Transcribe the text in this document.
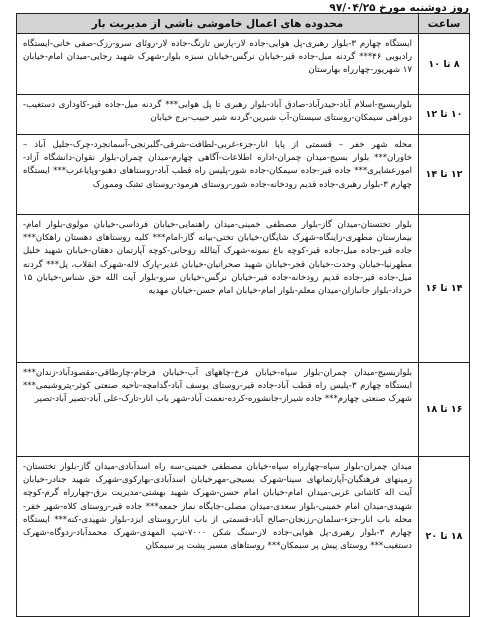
روز دوشنبه مورخ ۹۷/۰۴/۲۵
ساعت	محدوده های اعمال خاموشی ناشی از مدیریت بار
۸ تا ۱۰	ایستگاه چهارم ۳-بلوار رهبری-پل هوایی-جاده لار-پارس تارنگ-جاده لار-روئای سرو-رزک-صفی خانی-ایستگاه رادیویی ۴۶*** گردنه میل-جاده قیر-خیابان نرگس-خیابان سبزه بلوار-شهرک شهید رجایی-میدان امام-خیابان ۱۷ شهریور-چهارراه بهارستان

۱۰ تا ۱۲	بلواربسیج-اسلام آباد-حیدرآباد-صادق آباد-بلوار رهبری تا پل هوایی*** گردنه میل-جاده قیر-کاوداری دستغیب-دوراهی سیمکان-روستای سیستان-آب شیرین-گردنه شیر حبیب-برج خیابان

۱۲ تا ۱۴	محله شهر خفر – قسمتی از پایا انار-جزء-غربی-لطافت-شرقی-گلبرنجی-آسمانجرد-چرک-جلیل آباد – خاوران*** بلوار بسیج-میدان چمران-اداره اطلاعات-آگاهی چهارم-میدان چمران-بلوار نقوان-دانشگاه آزاد-امورعشایری*** جاده قیر-جاده سیمکان-جاده شور-پلیس راه قطب آباد-روستاهای دهنو-وپایاعرب*** ایستگاه چهارم ۳-بلوار رهبری-جاده قدیم رودخانه-جاده شور-روستای هرمود-روستای تشک وممورک

۱۴ تا ۱۶	بلوار تختستان-میدان گاز-بلوار مصطفی خمینی-میدان راهنمایی-خیابان فرداسی-خیابان مولوی-بلوار امام-بیمارستان مطهری-زاینگاه-شهرک شایگان-خیابان تختی-بیانه گاز-امام*** کلیه روستاهای دهستان راهکان*** جاده قیر-جاده میل-جاده قیر-کوچه باغ نمونه-شهرک آیتالله روحانی-کوچه آپارتمان دهقان-خیابان شهید خلیل مطهرنیا-خیابان وحدت-خیابان قجر-خیابان شهید صحرانیان-خیابان غدیر-پارک لاله-شهرک انقلاب، پل*** گردنه میل-جاده قیر-جاده قدیم رودخانه-جاده قیر-خیابان نرگس-خیابان سرو-بلوار آیت الله حق شناس-خیابان ۱۵ خرداد-بلوار جانبازان-میدان معلم-بلوار امام-خیابان امام حسن-خیابان مهدیه

۱۶ تا ۱۸	بلواربسیج-میدان چمران-بلوار سپاه-خیابان فرخ-چاههای آب-خیابان فرجام-چارطاقی-مقصودآباد-زندان*** ایستگاه چهارم ۳-پلیس راه قطب آباد-جاده قیر-روستای یوسف آباد-گدامچه-ناحیه صنعتی کوثر-پتروشیمی*** شهرک صنعتی چهارم*** جاده شیراز-جانشوره-کرده-نعمت آباد-شهر باب انار-تارک-علی آباد-تصیر آباد-تصیر

۱۸ تا ۲۰	میدان چمران-بلوار سپاه-چهارراه سپاه-خیابان مصطفی خمینی-سه راه اسدآبادی-میدان گاز-بلوار تختستان-زمینهای فرهنگیان-آپارتمانهای سینا-شهرک بسیجی-مهرخیابان اسدآبادی-بهارکوی-شهرک شهید جنادر-خیابان آیت اله کاشانی غربی-میدان امام-خیابان امام حسن-شهرک شهید بهشتی-مدیریت برق-چهارراه گرم-کوچه شهیدی-میدان امام خمینی-بلوار سعدی-میدان مصلی-جایگاه نماز جمعه*** جاده قیر-روستای کلاه-شهر خفر-محله باب انار-جزء-سلمان-رزنجان-صالح آباد-قسمتی از باب انار-روستای ایزد-بلوار شهیدی-کنه*** ایستگاه چهارم ۳-بلوار رهبری-پل هوایی-جاده لار-سنگ شکن ۷۰۰۰-تیپ المهدی-شهرک محمدآباد-ردوگاه-شهرک دستغیب*** روستای پیش پر سیمکان*** روستاهای مسیر پشت پر سیمکان
